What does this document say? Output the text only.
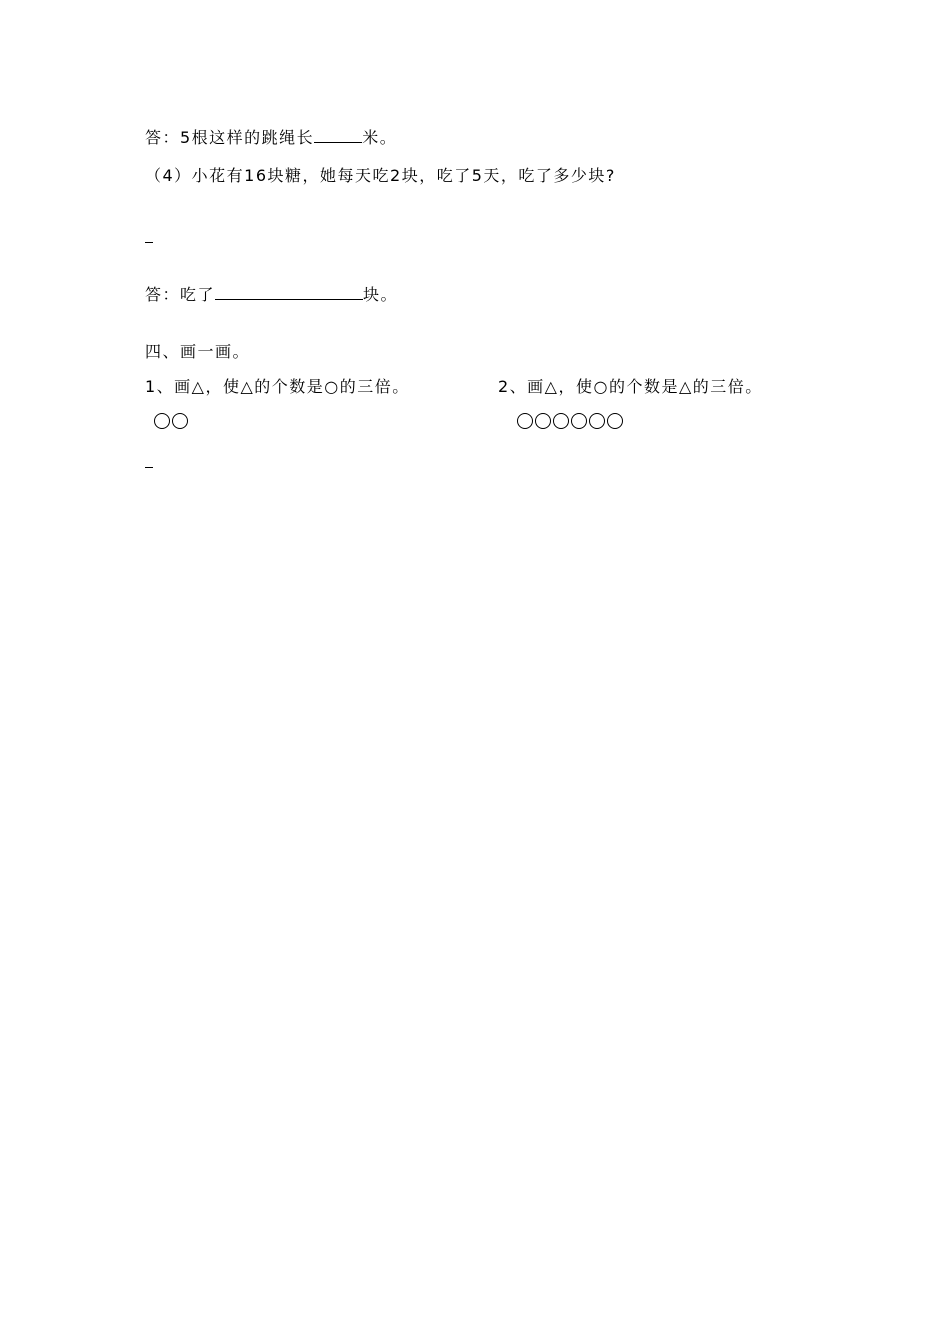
答：5根这样的跳绳长	米。
（4）小花有16块糖，她每天吃2块，吃了5天，吃了多少块?
答：吃了	块。
四、画一画。
1、画△，使△的个数是○的三倍。	2、画△，使○的个数是△的三倍。
